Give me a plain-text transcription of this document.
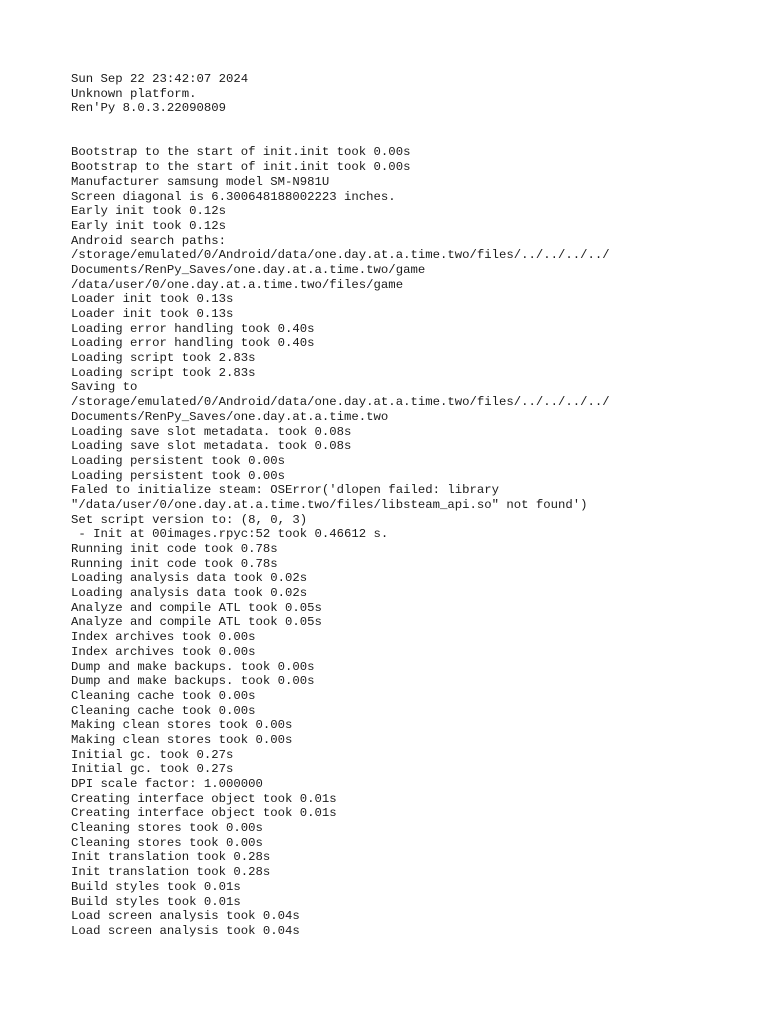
Sun Sep 22 23:42:07 2024
Unknown platform.
Ren'Py 8.0.3.22090809
Bootstrap to the start of init.init took 0.00s
Bootstrap to the start of init.init took 0.00s
Manufacturer samsung model SM-N981U
Screen diagonal is 6.300648188002223 inches.
Early init took 0.12s
Early init took 0.12s
Android search paths:
/storage/emulated/0/Android/data/one.day.at.a.time.two/files/../../../../
Documents/RenPy_Saves/one.day.at.a.time.two/game
/data/user/0/one.day.at.a.time.two/files/game
Loader init took 0.13s
Loader init took 0.13s
Loading error handling took 0.40s
Loading error handling took 0.40s
Loading script took 2.83s
Loading script took 2.83s
Saving to
/storage/emulated/0/Android/data/one.day.at.a.time.two/files/../../../../
Documents/RenPy_Saves/one.day.at.a.time.two
Loading save slot metadata. took 0.08s
Loading save slot metadata. took 0.08s
Loading persistent took 0.00s
Loading persistent took 0.00s
Faled to initialize steam: OSError('dlopen failed: library
"/data/user/0/one.day.at.a.time.two/files/libsteam_api.so" not found')
Set script version to: (8, 0, 3)
- Init at 00images.rpyc:52 took 0.46612 s.
Running init code took 0.78s
Running init code took 0.78s
Loading analysis data took 0.02s
Loading analysis data took 0.02s
Analyze and compile ATL took 0.05s
Analyze and compile ATL took 0.05s
Index archives took 0.00s
Index archives took 0.00s
Dump and make backups. took 0.00s
Dump and make backups. took 0.00s
Cleaning cache took 0.00s
Cleaning cache took 0.00s
Making clean stores took 0.00s
Making clean stores took 0.00s
Initial gc. took 0.27s
Initial gc. took 0.27s
DPI scale factor: 1.000000
Creating interface object took 0.01s
Creating interface object took 0.01s
Cleaning stores took 0.00s
Cleaning stores took 0.00s
Init translation took 0.28s
Init translation took 0.28s
Build styles took 0.01s
Build styles took 0.01s
Load screen analysis took 0.04s
Load screen analysis took 0.04s
